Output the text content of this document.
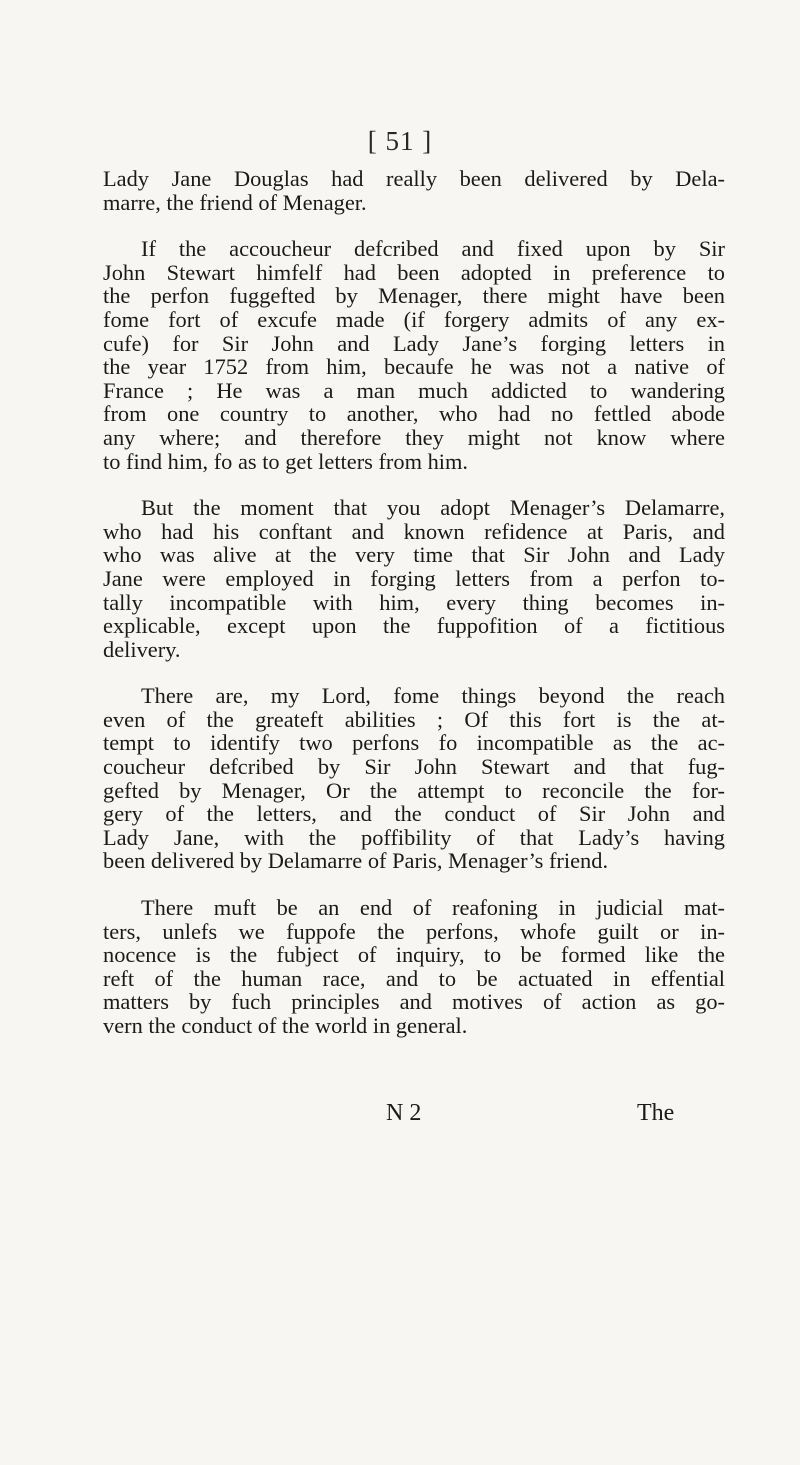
[ 51 ]

Lady Jane Douglas had really been delivered by Dela-
marre, the friend of Menager.

If the accoucheur defcribed and fixed upon by Sir
John Stewart himfelf had been adopted in preference to
the perfon fuggefted by Menager, there might have been
fome fort of excufe made (if forgery admits of any ex-
cufe) for Sir John and Lady Jane’s forging letters in
the year 1752 from him, becaufe he was not a native of
France ; He was a man much addicted to wandering
from one country to another, who had no fettled abode
any where; and therefore they might not know where
to find him, fo as to get letters from him.

But the moment that you adopt Menager’s Delamarre,
who had his conftant and known refidence at Paris, and
who was alive at the very time that Sir John and Lady
Jane were employed in forging letters from a perfon to-
tally incompatible with him, every thing becomes in-
explicable, except upon the fuppofition of a fictitious
delivery.

There are, my Lord, fome things beyond the reach
even of the greateft abilities ; Of this fort is the at-
tempt to identify two perfons fo incompatible as the ac-
coucheur defcribed by Sir John Stewart and that fug-
gefted by Menager, Or the attempt to reconcile the for-
gery of the letters, and the conduct of Sir John and
Lady Jane, with the poffibility of that Lady’s having
been delivered by Delamarre of Paris, Menager’s friend.

There muft be an end of reafoning in judicial mat-
ters, unlefs we fuppofe the perfons, whofe guilt or in-
nocence is the fubject of inquiry, to be formed like the
reft of the human race, and to be actuated in effential
matters by fuch principles and motives of action as go-
vern the conduct of the world in general.

N 2	The
